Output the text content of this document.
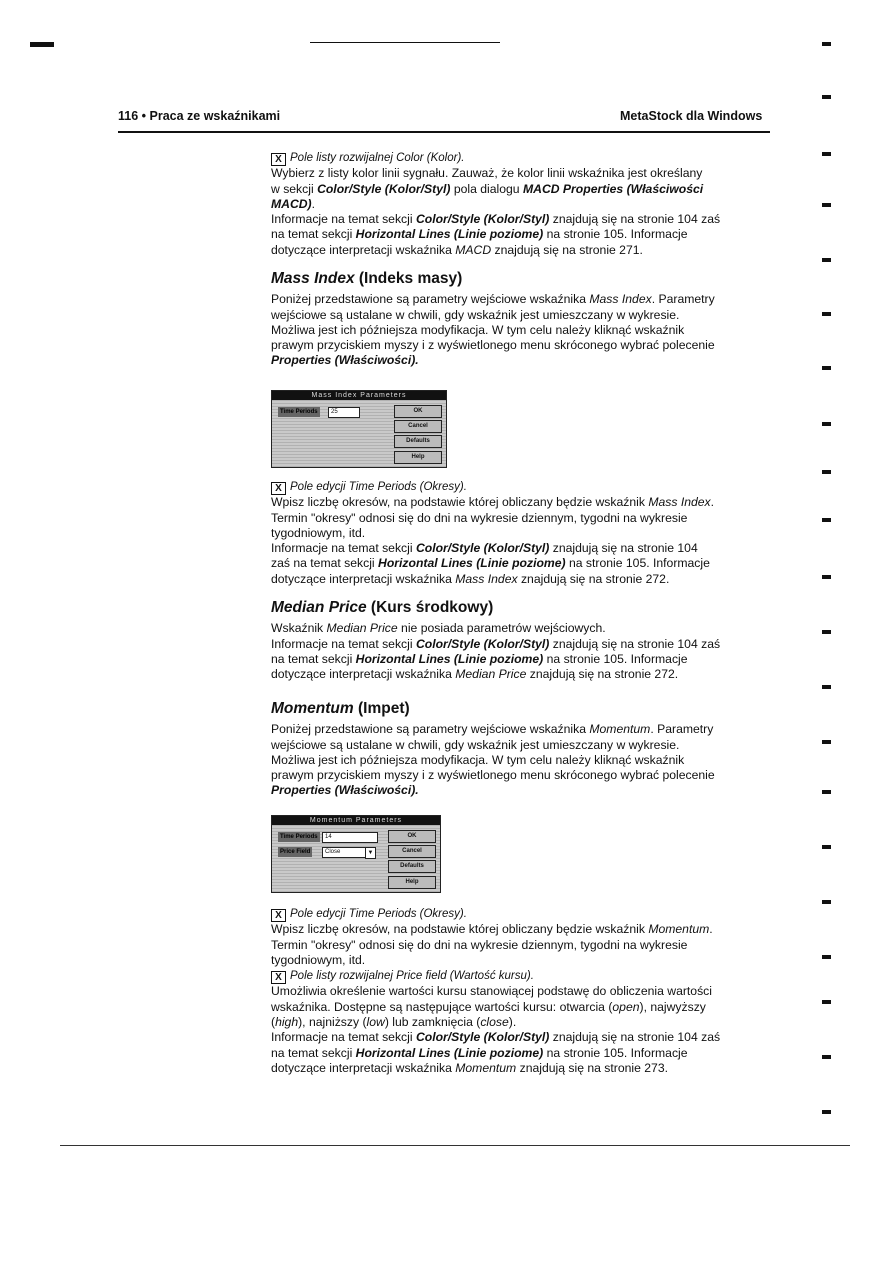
116 • Praca ze wskaźnikami	MetaStock dla Windows

X Pole listy rozwijalnej Color (Kolor).

Wybierz z listy kolor linii sygnału. Zauważ, że kolor linii wskaźnika jest określany

w sekcji Color/Style (Kolor/Styl) pola dialogu MACD Properties (Właściwości

MACD).

Informacje na temat sekcji Color/Style (Kolor/Styl) znajdują się na stronie 104 zaś

na temat sekcji Horizontal Lines (Linie poziome) na stronie 105. Informacje

dotyczące interpretacji wskaźnika MACD znajdują się na stronie 271.

Mass Index (Indeks masy)

Poniżej przedstawione są parametry wejściowe wskaźnika Mass Index. Parametry

wejściowe są ustalane w chwili, gdy wskaźnik jest umieszczany w wykresie.

Możliwa jest ich późniejsza modyfikacja. W tym celu należy kliknąć wskaźnik

prawym przyciskiem myszy i z wyświetlonego menu skróconego wybrać polecenie

Properties (Właściwości).

Mass Index Parameters
Time Periods	25	OK
Cancel
Defaults
Help

X Pole edycji Time Periods (Okresy).

Wpisz liczbę okresów, na podstawie której obliczany będzie wskaźnik Mass Index.

Termin "okresy" odnosi się do dni na wykresie dziennym, tygodni na wykresie

tygodniowym, itd.

Informacje na temat sekcji Color/Style (Kolor/Styl) znajdują się na stronie 104

zaś na temat sekcji Horizontal Lines (Linie poziome) na stronie 105. Informacje

dotyczące interpretacji wskaźnika Mass Index znajdują się na stronie 272.

Median Price (Kurs środkowy)

Wskaźnik Median Price nie posiada parametrów wejściowych.

Informacje na temat sekcji Color/Style (Kolor/Styl) znajdują się na stronie 104 zaś

na temat sekcji Horizontal Lines (Linie poziome) na stronie 105. Informacje

dotyczące interpretacji wskaźnika Median Price znajdują się na stronie 272.

Momentum (Impet)

Poniżej przedstawione są parametry wejściowe wskaźnika Momentum. Parametry

wejściowe są ustalane w chwili, gdy wskaźnik jest umieszczany w wykresie.

Możliwa jest ich późniejsza modyfikacja. W tym celu należy kliknąć wskaźnik

prawym przyciskiem myszy i z wyświetlonego menu skróconego wybrać polecenie

Properties (Właściwości).

Momentum Parameters
Time Periods	14
Price Field	Close	▼
OK
Cancel
Defaults
Help

X Pole edycji Time Periods (Okresy).

Wpisz liczbę okresów, na podstawie której obliczany będzie wskaźnik Momentum.

Termin "okresy" odnosi się do dni na wykresie dziennym, tygodni na wykresie

tygodniowym, itd.

X Pole listy rozwijalnej Price field (Wartość kursu).

Umożliwia określenie wartości kursu stanowiącej podstawę do obliczenia wartości

wskaźnika. Dostępne są następujące wartości kursu: otwarcia (open), najwyższy

(high), najniższy (low) lub zamknięcia (close).

Informacje na temat sekcji Color/Style (Kolor/Styl) znajdują się na stronie 104 zaś

na temat sekcji Horizontal Lines (Linie poziome) na stronie 105. Informacje

dotyczące interpretacji wskaźnika Momentum znajdują się na stronie 273.
